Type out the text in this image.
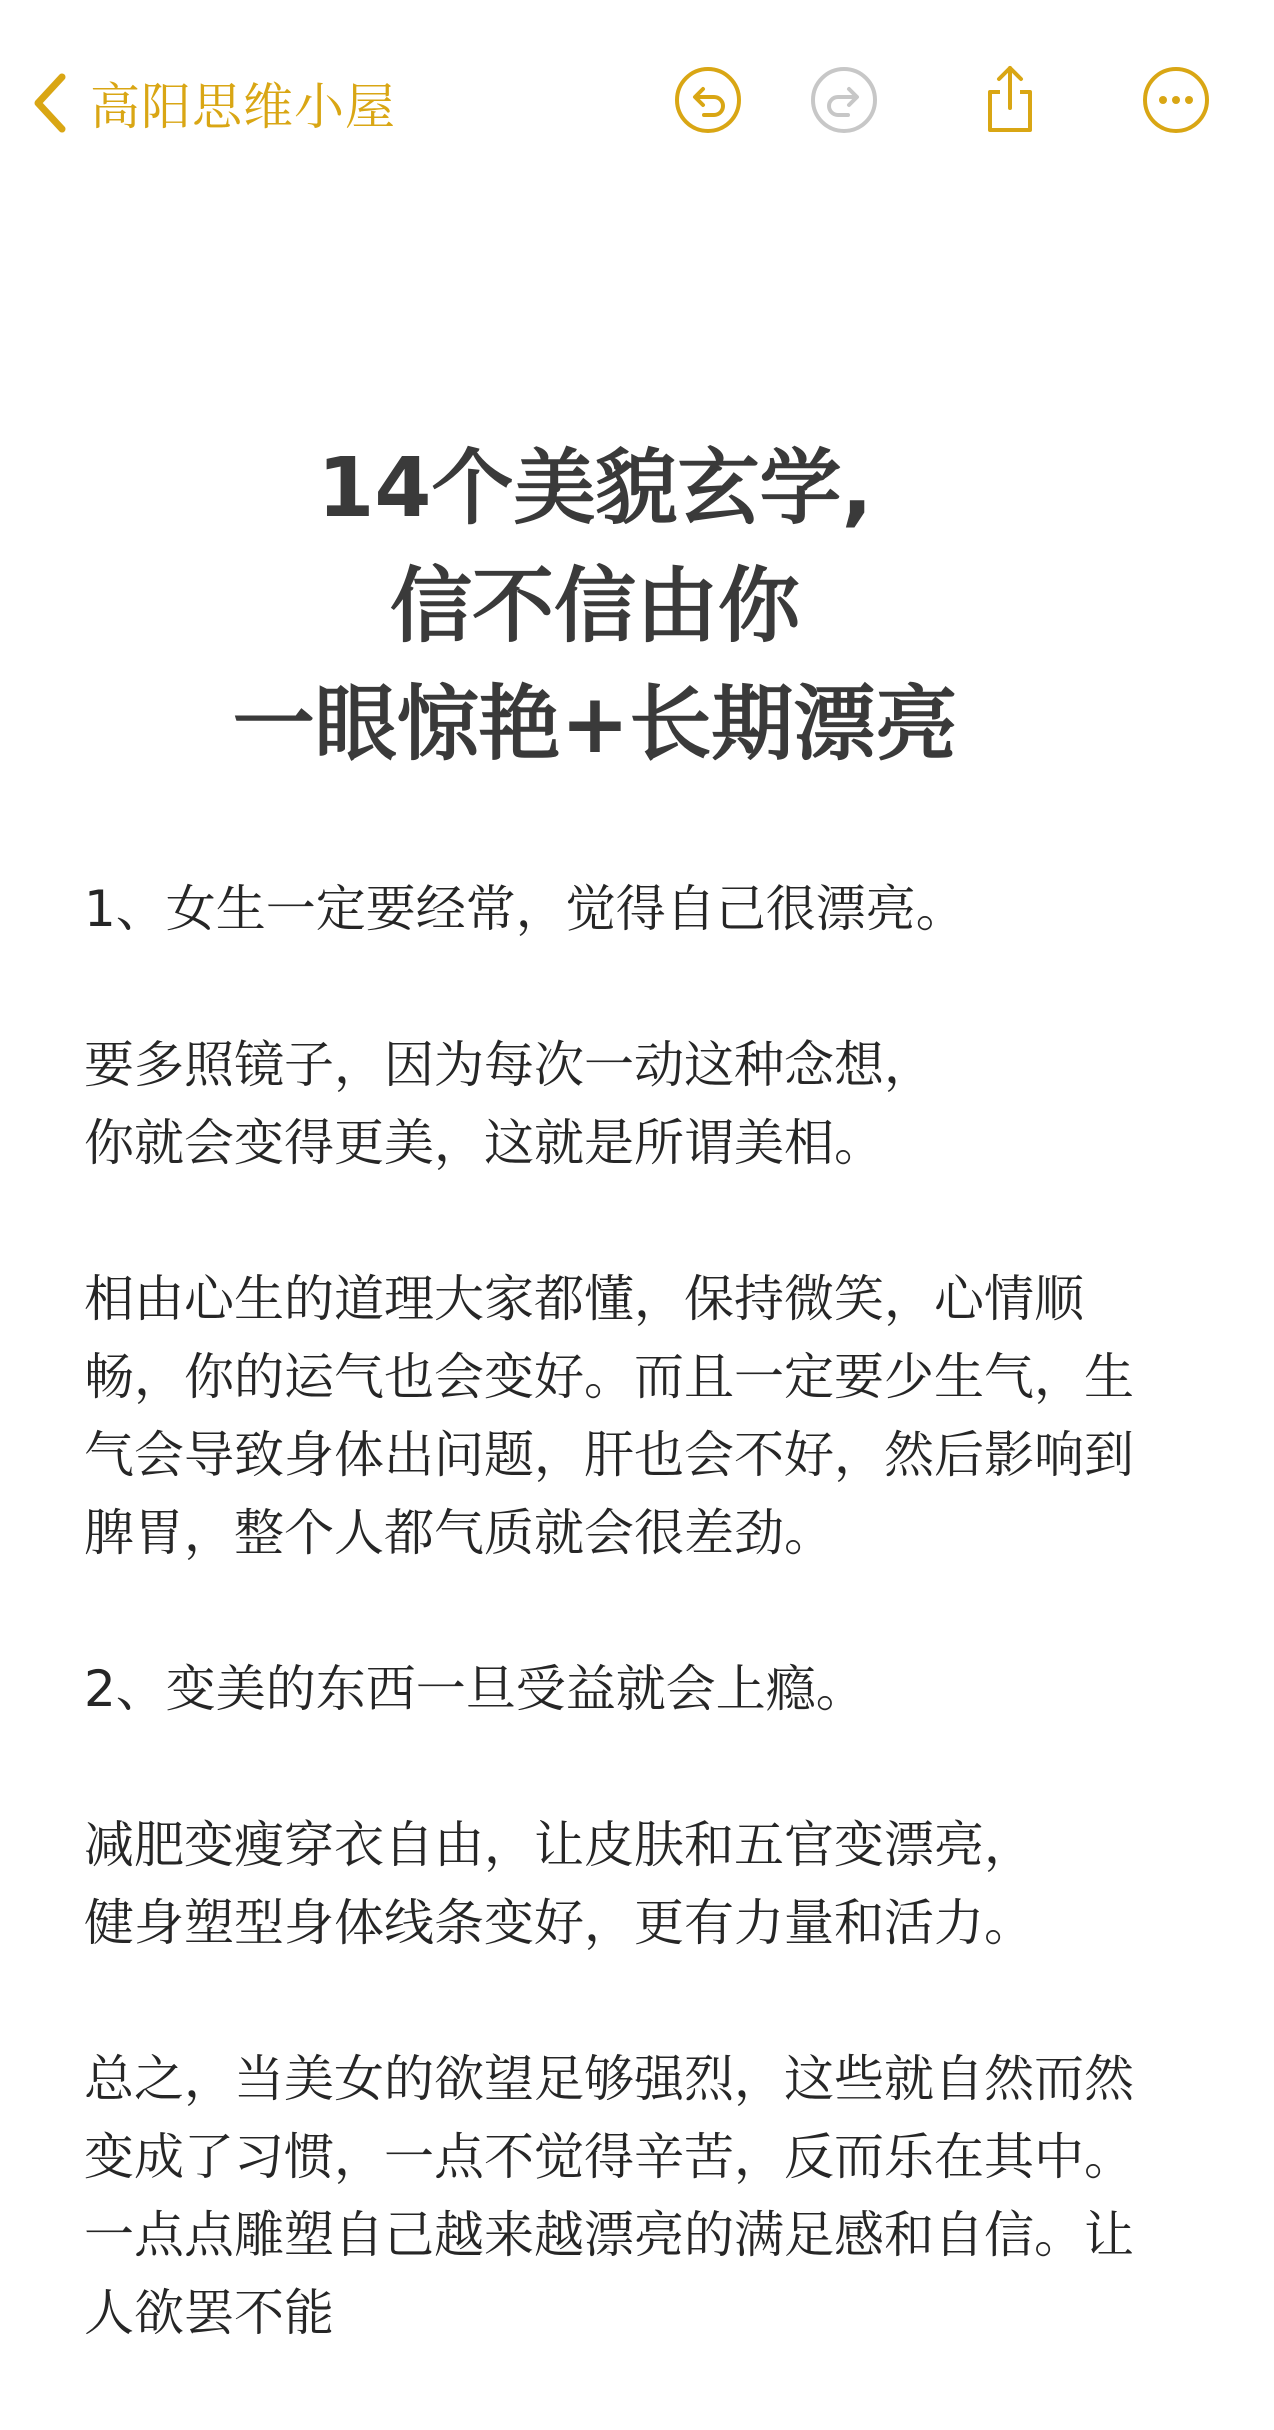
高阳思维小屋
14个美貌玄学,
信不信由你
一眼惊艳+长期漂亮
1、女生一定要经常，觉得自己很漂亮。
要多照镜子，因为每次一动这种念想，
你就会变得更美，这就是所谓美相。
相由心生的道理大家都懂，保持微笑，心情顺
畅，你的运气也会变好。而且一定要少生气，生
气会导致身体出问题，肝也会不好，然后影响到
脾胃，整个人都气质就会很差劲。
2、变美的东西一旦受益就会上瘾。
减肥变瘦穿衣自由，让皮肤和五官变漂亮，
健身塑型身体线条变好，更有力量和活力。
总之，当美女的欲望足够强烈，这些就自然而然
变成了习惯，一点不觉得辛苦，反而乐在其中。
一点点雕塑自己越来越漂亮的满足感和自信。让
人欲罢不能
